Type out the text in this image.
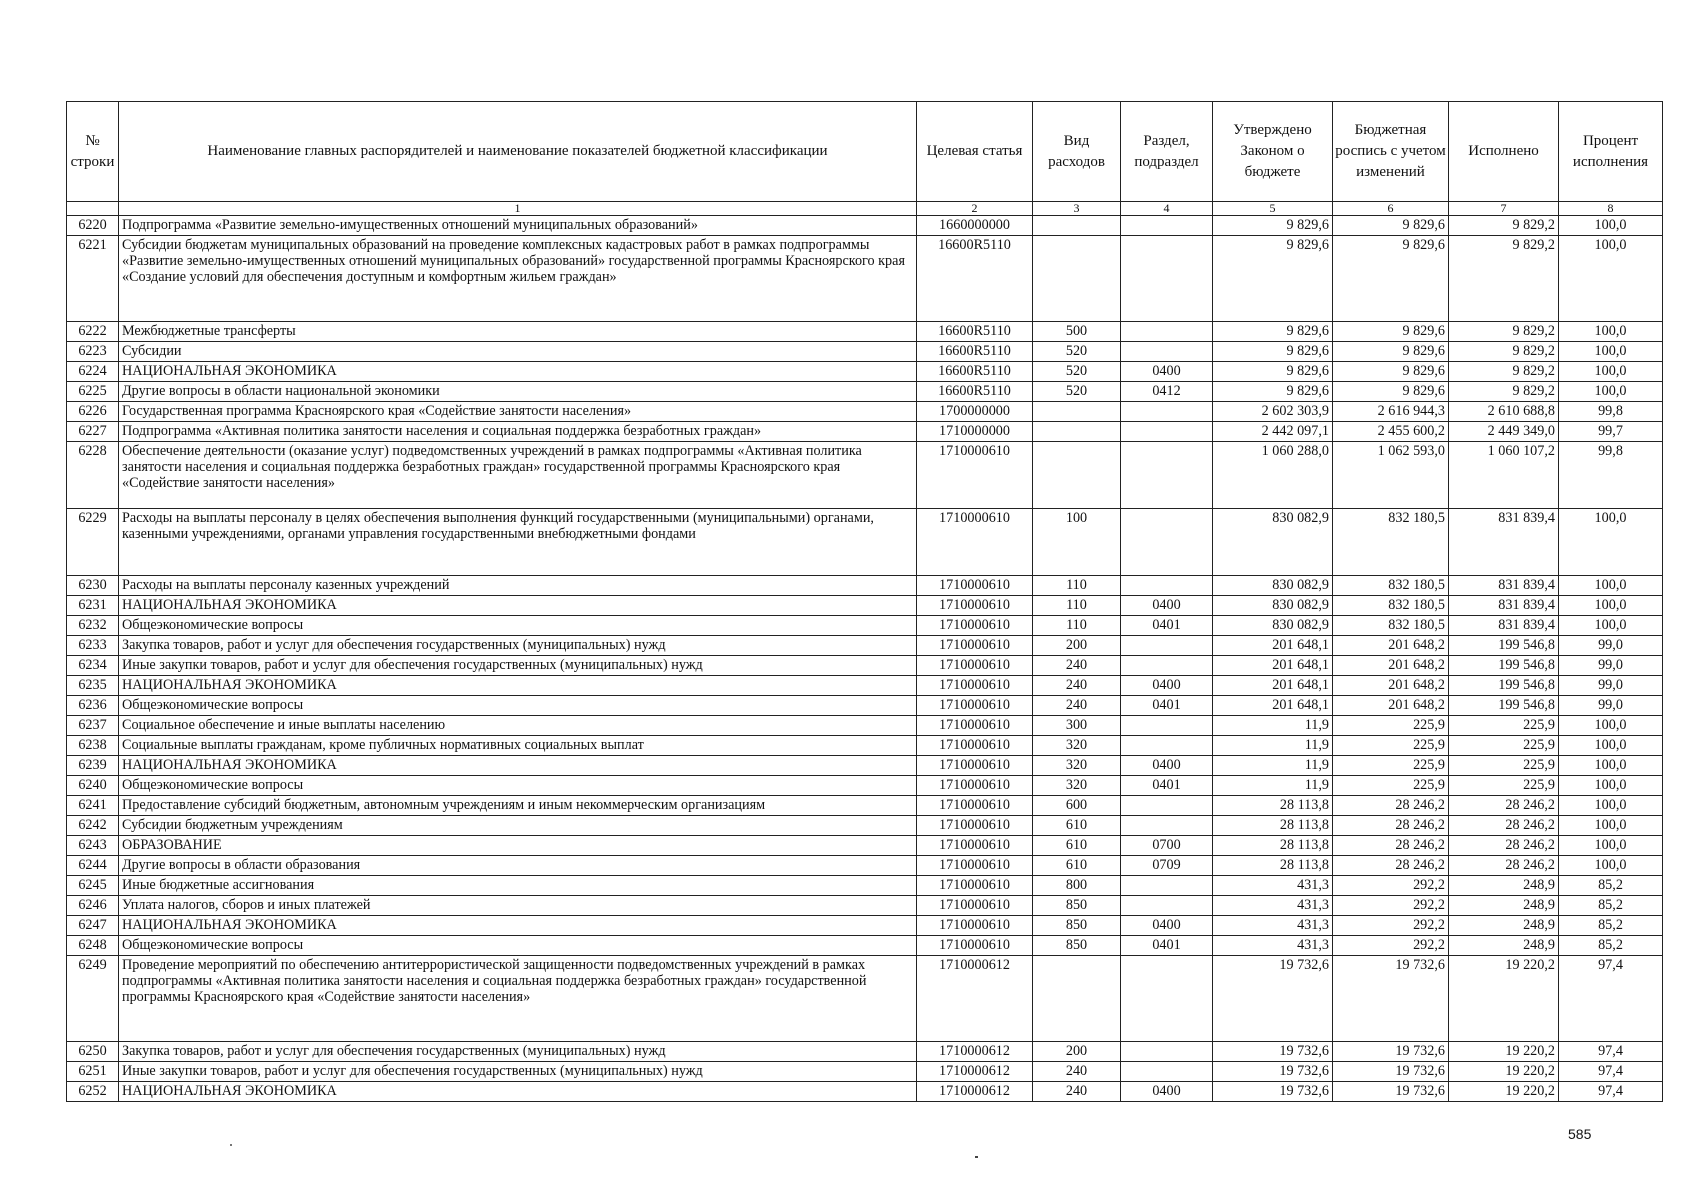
№ строки	Наименование главных распорядителей и наименование показателей бюджетной классификации	Целевая статья	Вид расходов	Раздел, подраздел	Утверждено Законом о бюджете	Бюджетная роспись с учетом изменений	Исполнено	Процент исполнения
	1	2	3	4	5	6	7	8
6220	Подпрограмма «Развитие земельно-имущественных отношений муниципальных образований»	1660000000			9 829,6	9 829,6	9 829,2	100,0
6221	Субсидии бюджетам муниципальных образований на проведение комплексных кадастровых работ в рамках подпрограммы «Развитие земельно-имущественных отношений муниципальных образований» государственной программы Красноярского края «Создание условий для обеспечения доступным и комфортным жильем граждан»	16600R5110			9 829,6	9 829,6	9 829,2	100,0
6222	Межбюджетные трансферты	16600R5110	500		9 829,6	9 829,6	9 829,2	100,0
6223	Субсидии	16600R5110	520		9 829,6	9 829,6	9 829,2	100,0
6224	НАЦИОНАЛЬНАЯ ЭКОНОМИКА	16600R5110	520	0400	9 829,6	9 829,6	9 829,2	100,0
6225	Другие вопросы в области национальной экономики	16600R5110	520	0412	9 829,6	9 829,6	9 829,2	100,0
6226	Государственная программа Красноярского края «Содействие занятости населения»	1700000000			2 602 303,9	2 616 944,3	2 610 688,8	99,8
6227	Подпрограмма «Активная политика занятости населения и социальная поддержка безработных граждан»	1710000000			2 442 097,1	2 455 600,2	2 449 349,0	99,7
6228	Обеспечение деятельности (оказание услуг) подведомственных учреждений в рамках подпрограммы «Активная политика занятости населения и социальная поддержка безработных граждан» государственной программы Красноярского края «Содействие занятости населения»	1710000610			1 060 288,0	1 062 593,0	1 060 107,2	99,8
6229	Расходы на выплаты персоналу в целях обеспечения выполнения функций государственными (муниципальными) органами, казенными учреждениями, органами управления государственными внебюджетными фондами	1710000610	100		830 082,9	832 180,5	831 839,4	100,0
6230	Расходы на выплаты персоналу казенных учреждений	1710000610	110		830 082,9	832 180,5	831 839,4	100,0
6231	НАЦИОНАЛЬНАЯ ЭКОНОМИКА	1710000610	110	0400	830 082,9	832 180,5	831 839,4	100,0
6232	Общеэкономические вопросы	1710000610	110	0401	830 082,9	832 180,5	831 839,4	100,0
6233	Закупка товаров, работ и услуг для обеспечения государственных (муниципальных) нужд	1710000610	200		201 648,1	201 648,2	199 546,8	99,0
6234	Иные закупки товаров, работ и услуг для обеспечения государственных (муниципальных) нужд	1710000610	240		201 648,1	201 648,2	199 546,8	99,0
6235	НАЦИОНАЛЬНАЯ ЭКОНОМИКА	1710000610	240	0400	201 648,1	201 648,2	199 546,8	99,0
6236	Общеэкономические вопросы	1710000610	240	0401	201 648,1	201 648,2	199 546,8	99,0
6237	Социальное обеспечение и иные выплаты населению	1710000610	300		11,9	225,9	225,9	100,0
6238	Социальные выплаты гражданам, кроме публичных нормативных социальных выплат	1710000610	320		11,9	225,9	225,9	100,0
6239	НАЦИОНАЛЬНАЯ ЭКОНОМИКА	1710000610	320	0400	11,9	225,9	225,9	100,0
6240	Общеэкономические вопросы	1710000610	320	0401	11,9	225,9	225,9	100,0
6241	Предоставление субсидий бюджетным, автономным учреждениям и иным некоммерческим организациям	1710000610	600		28 113,8	28 246,2	28 246,2	100,0
6242	Субсидии бюджетным учреждениям	1710000610	610		28 113,8	28 246,2	28 246,2	100,0
6243	ОБРАЗОВАНИЕ	1710000610	610	0700	28 113,8	28 246,2	28 246,2	100,0
6244	Другие вопросы в области образования	1710000610	610	0709	28 113,8	28 246,2	28 246,2	100,0
6245	Иные бюджетные ассигнования	1710000610	800		431,3	292,2	248,9	85,2
6246	Уплата налогов, сборов и иных платежей	1710000610	850		431,3	292,2	248,9	85,2
6247	НАЦИОНАЛЬНАЯ ЭКОНОМИКА	1710000610	850	0400	431,3	292,2	248,9	85,2
6248	Общеэкономические вопросы	1710000610	850	0401	431,3	292,2	248,9	85,2
6249	Проведение мероприятий по обеспечению антитеррористической защищенности подведомственных учреждений в рамках подпрограммы «Активная политика занятости населения и социальная поддержка безработных граждан» государственной программы Красноярского края «Содействие занятости населения»	1710000612			19 732,6	19 732,6	19 220,2	97,4
6250	Закупка товаров, работ и услуг для обеспечения государственных (муниципальных) нужд	1710000612	200		19 732,6	19 732,6	19 220,2	97,4
6251	Иные закупки товаров, работ и услуг для обеспечения государственных (муниципальных) нужд	1710000612	240		19 732,6	19 732,6	19 220,2	97,4
6252	НАЦИОНАЛЬНАЯ ЭКОНОМИКА	1710000612	240	0400	19 732,6	19 732,6	19 220,2	97,4
585
